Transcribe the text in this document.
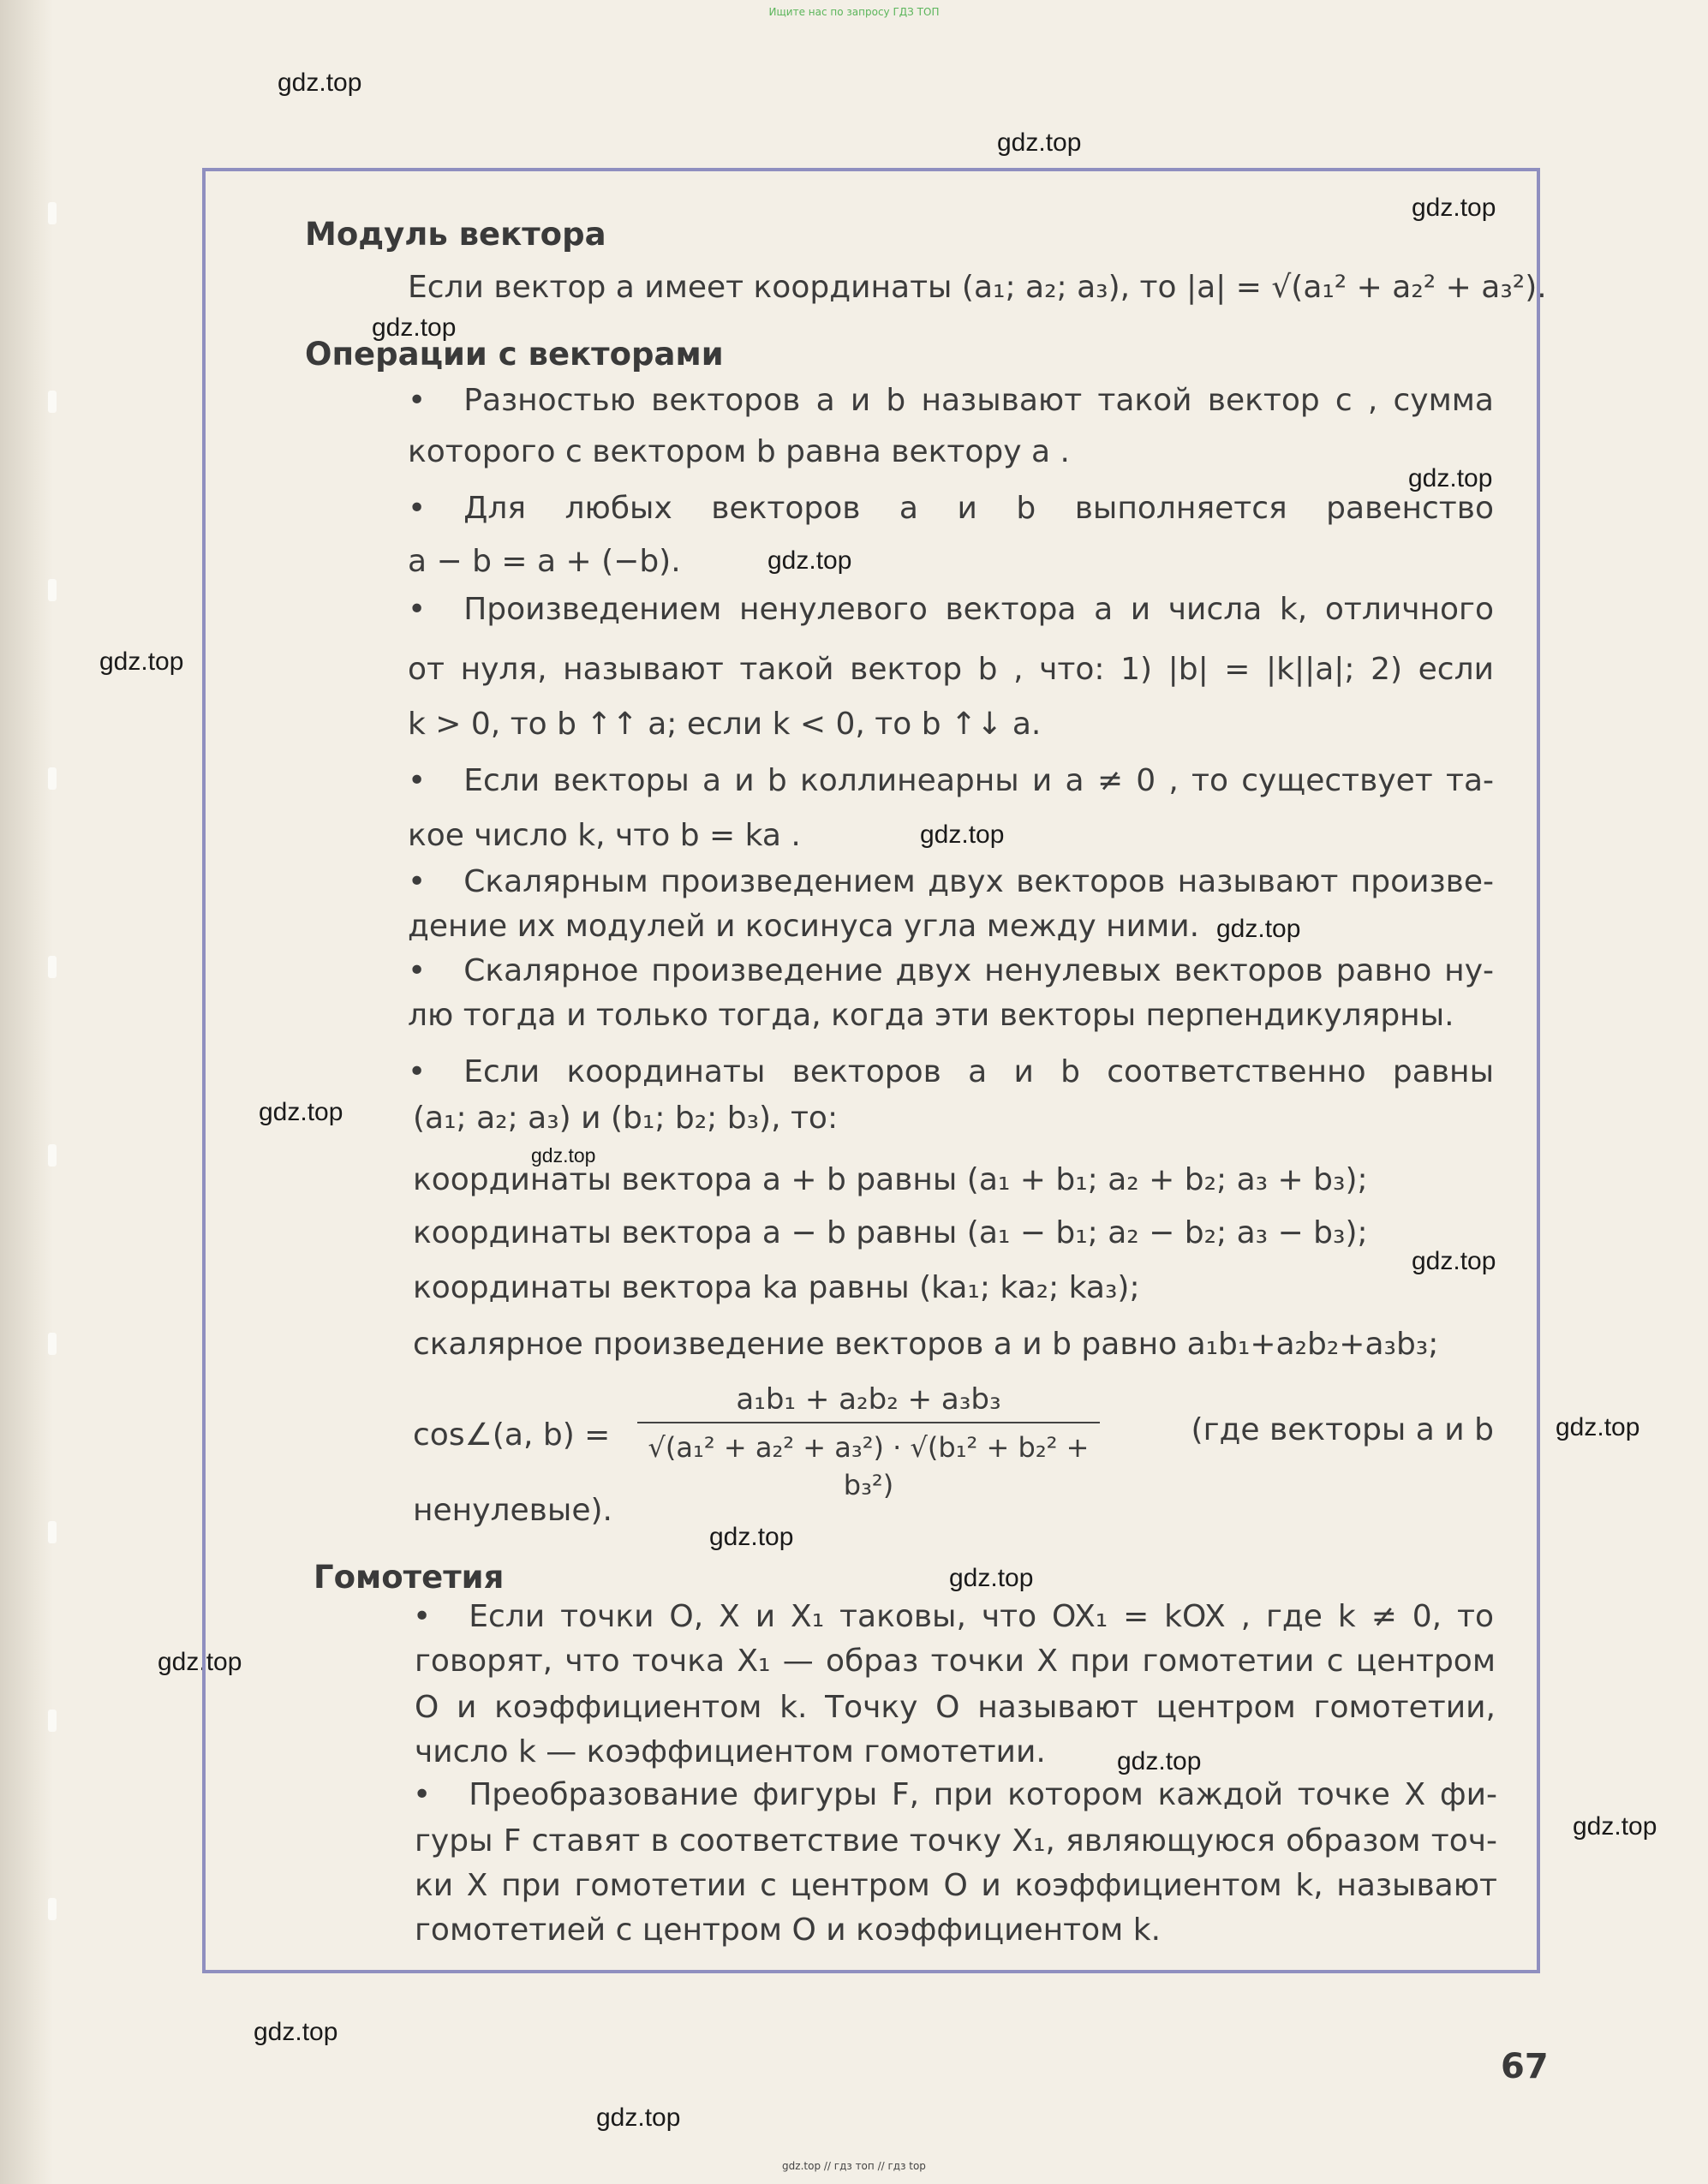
Ищите нас по запросу ГДЗ ТОП
gdz.top
gdz.top
gdz.top
gdz.top
gdz.top
gdz.top
gdz.top
gdz.top
gdz.top
gdz.top
gdz.top
gdz.top
gdz.top
gdz.top
gdz.top
gdz.top
gdz.top
gdz.top
gdz.top
gdz.top
Модуль вектора
Если вектор a имеет координаты (a₁; a₂; a₃), то |a| = √(a₁² + a₂² + a₃²).
Операции с векторами
• Разностью векторов a и b называют такой вектор c , сумма
которого с вектором b равна вектору a .
• Для любых векторов a и b выполняется равенство
a − b = a + (−b).
• Произведением ненулевого вектора a и числа k, отличного
от нуля, называют такой вектор b , что: 1) |b| = |k||a|; 2) если
k > 0, то b ↑↑ a; если k < 0, то b ↑↓ a.
• Если векторы a и b коллинеарны и a ≠ 0 , то существует та-
кое число k, что b = ka .
• Скалярным произведением двух векторов называют произве-
дение их модулей и косинуса угла между ними.
• Скалярное произведение двух ненулевых векторов равно ну-
лю тогда и только тогда, когда эти векторы перпендикулярны.
• Если координаты векторов a и b соответственно равны
(a₁; a₂; a₃) и (b₁; b₂; b₃), то:
координаты вектора a + b равны (a₁ + b₁; a₂ + b₂; a₃ + b₃);
координаты вектора a − b равны (a₁ − b₁; a₂ − b₂; a₃ − b₃);
координаты вектора ka равны (ka₁; ka₂; ka₃);
скалярное произведение векторов a и b равно a₁b₁+a₂b₂+a₃b₃;
cos∠(a, $b) = \frac{\text{a₁b₁ + a₂b₂ + a₃b₃}}{\text{√(a₁² + a₂² + a₃²) · √(b₁² + b₂² + b₃²)}}$	(где векторы a и b
ненулевые).
Гомотетия
• Если точки O, X и X₁ таковы, что OX₁ = kOX , где k ≠ 0, то
говорят, что точка X₁ — образ точки X при гомотетии с центром
O и коэффициентом k. Точку O называют центром гомотетии,
число k — коэффициентом гомотетии.
• Преобразование фигуры F, при котором каждой точке X фи-
гуры F ставят в соответствие точку X₁, являющуюся образом точ-
ки X при гомотетии с центром O и коэффициентом k, называют
гомотетией с центром O и коэффициентом k.
67
gdz.top // гдз топ // гдз top
